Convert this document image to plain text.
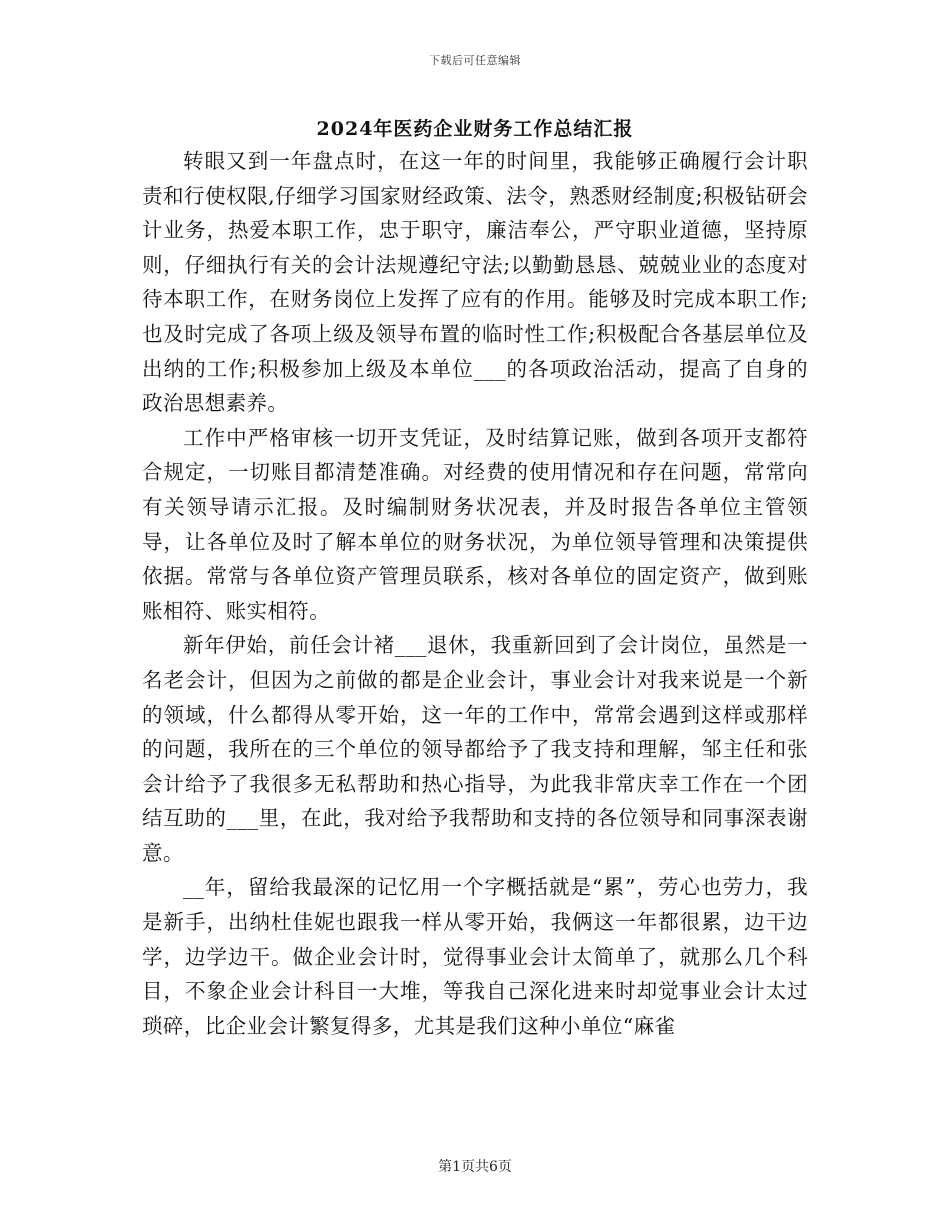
下载后可任意编辑
2024年医药企业财务工作总结汇报

转眼又到一年盘点时，在这一年的时间里，我能够正确履行会计职责和行使权限,仔细学习国家财经政策、法令，熟悉财经制度;积极钻研会计业务，热爱本职工作，忠于职守，廉洁奉公，严守职业道德，坚持原则，仔细执行有关的会计法规遵纪守法;以勤勤恳恳、兢兢业业的态度对待本职工作，在财务岗位上发挥了应有的作用。能够及时完成本职工作;也及时完成了各项上级及领导布置的临时性工作;积极配合各基层单位及出纳的工作;积极参加上级及本单位___的各项政治活动，提高了自身的政治思想素养。

工作中严格审核一切开支凭证，及时结算记账，做到各项开支都符合规定，一切账目都清楚准确。对经费的使用情况和存在问题，常常向有关领导请示汇报。及时编制财务状况表，并及时报告各单位主管领导，让各单位及时了解本单位的财务状况，为单位领导管理和决策提供依据。常常与各单位资产管理员联系，核对各单位的固定资产，做到账账相符、账实相符。

新年伊始，前任会计褚___退休，我重新回到了会计岗位，虽然是一名老会计，但因为之前做的都是企业会计，事业会计对我来说是一个新的领域，什么都得从零开始，这一年的工作中，常常会遇到这样或那样的问题，我所在的三个单位的领导都给予了我支持和理解，邹主任和张会计给予了我很多无私帮助和热心指导，为此我非常庆幸工作在一个团结互助的___里，在此，我对给予我帮助和支持的各位领导和同事深表谢意。

__年，留给我最深的记忆用一个字概括就是“累”，劳心也劳力，我是新手，出纳杜佳妮也跟我一样从零开始，我俩这一年都很累，边干边学，边学边干。做企业会计时，觉得事业会计太简单了，就那么几个科目，不象企业会计科目一大堆，等我自己深化进来时却觉事业会计太过琐碎，比企业会计繁复得多，尤其是我们这种小单位“麻雀

第1页共6页
